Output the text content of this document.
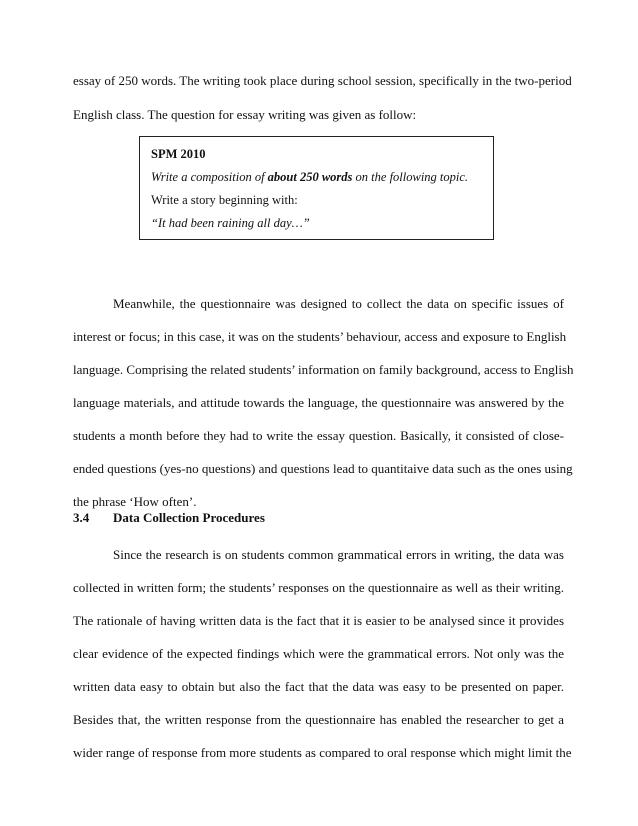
essay of 250 words. The writing took place during school session, specifically in the two-period
English class. The question for essay writing was given as follow:
SPM 2010
Write a composition of about 250 words on the following topic.
Write a story beginning with:
“It had been raining all day…”
Meanwhile, the questionnaire was designed to collect the data on specific issues of
interest or focus; in this case, it was on the students’ behaviour, access and exposure to English
language. Comprising the related students’ information on family background, access to English
language materials, and attitude towards the language, the questionnaire was answered by the
students a month before they had to write the essay question. Basically, it consisted of close-
ended questions (yes-no questions) and questions lead to quantitaive data such as the ones using
the phrase ‘How often’.
3.4 Data Collection Procedures
Since the research is on students common grammatical errors in writing, the data was
collected in written form; the students’ responses on the questionnaire as well as their writing.
The rationale of having written data is the fact that it is easier to be analysed since it provides
clear evidence of the expected findings which were the grammatical errors. Not only was the
written data easy to obtain but also the fact that the data was easy to be presented on paper.
Besides that, the written response from the questionnaire has enabled the researcher to get a
wider range of response from more students as compared to oral response which might limit the
